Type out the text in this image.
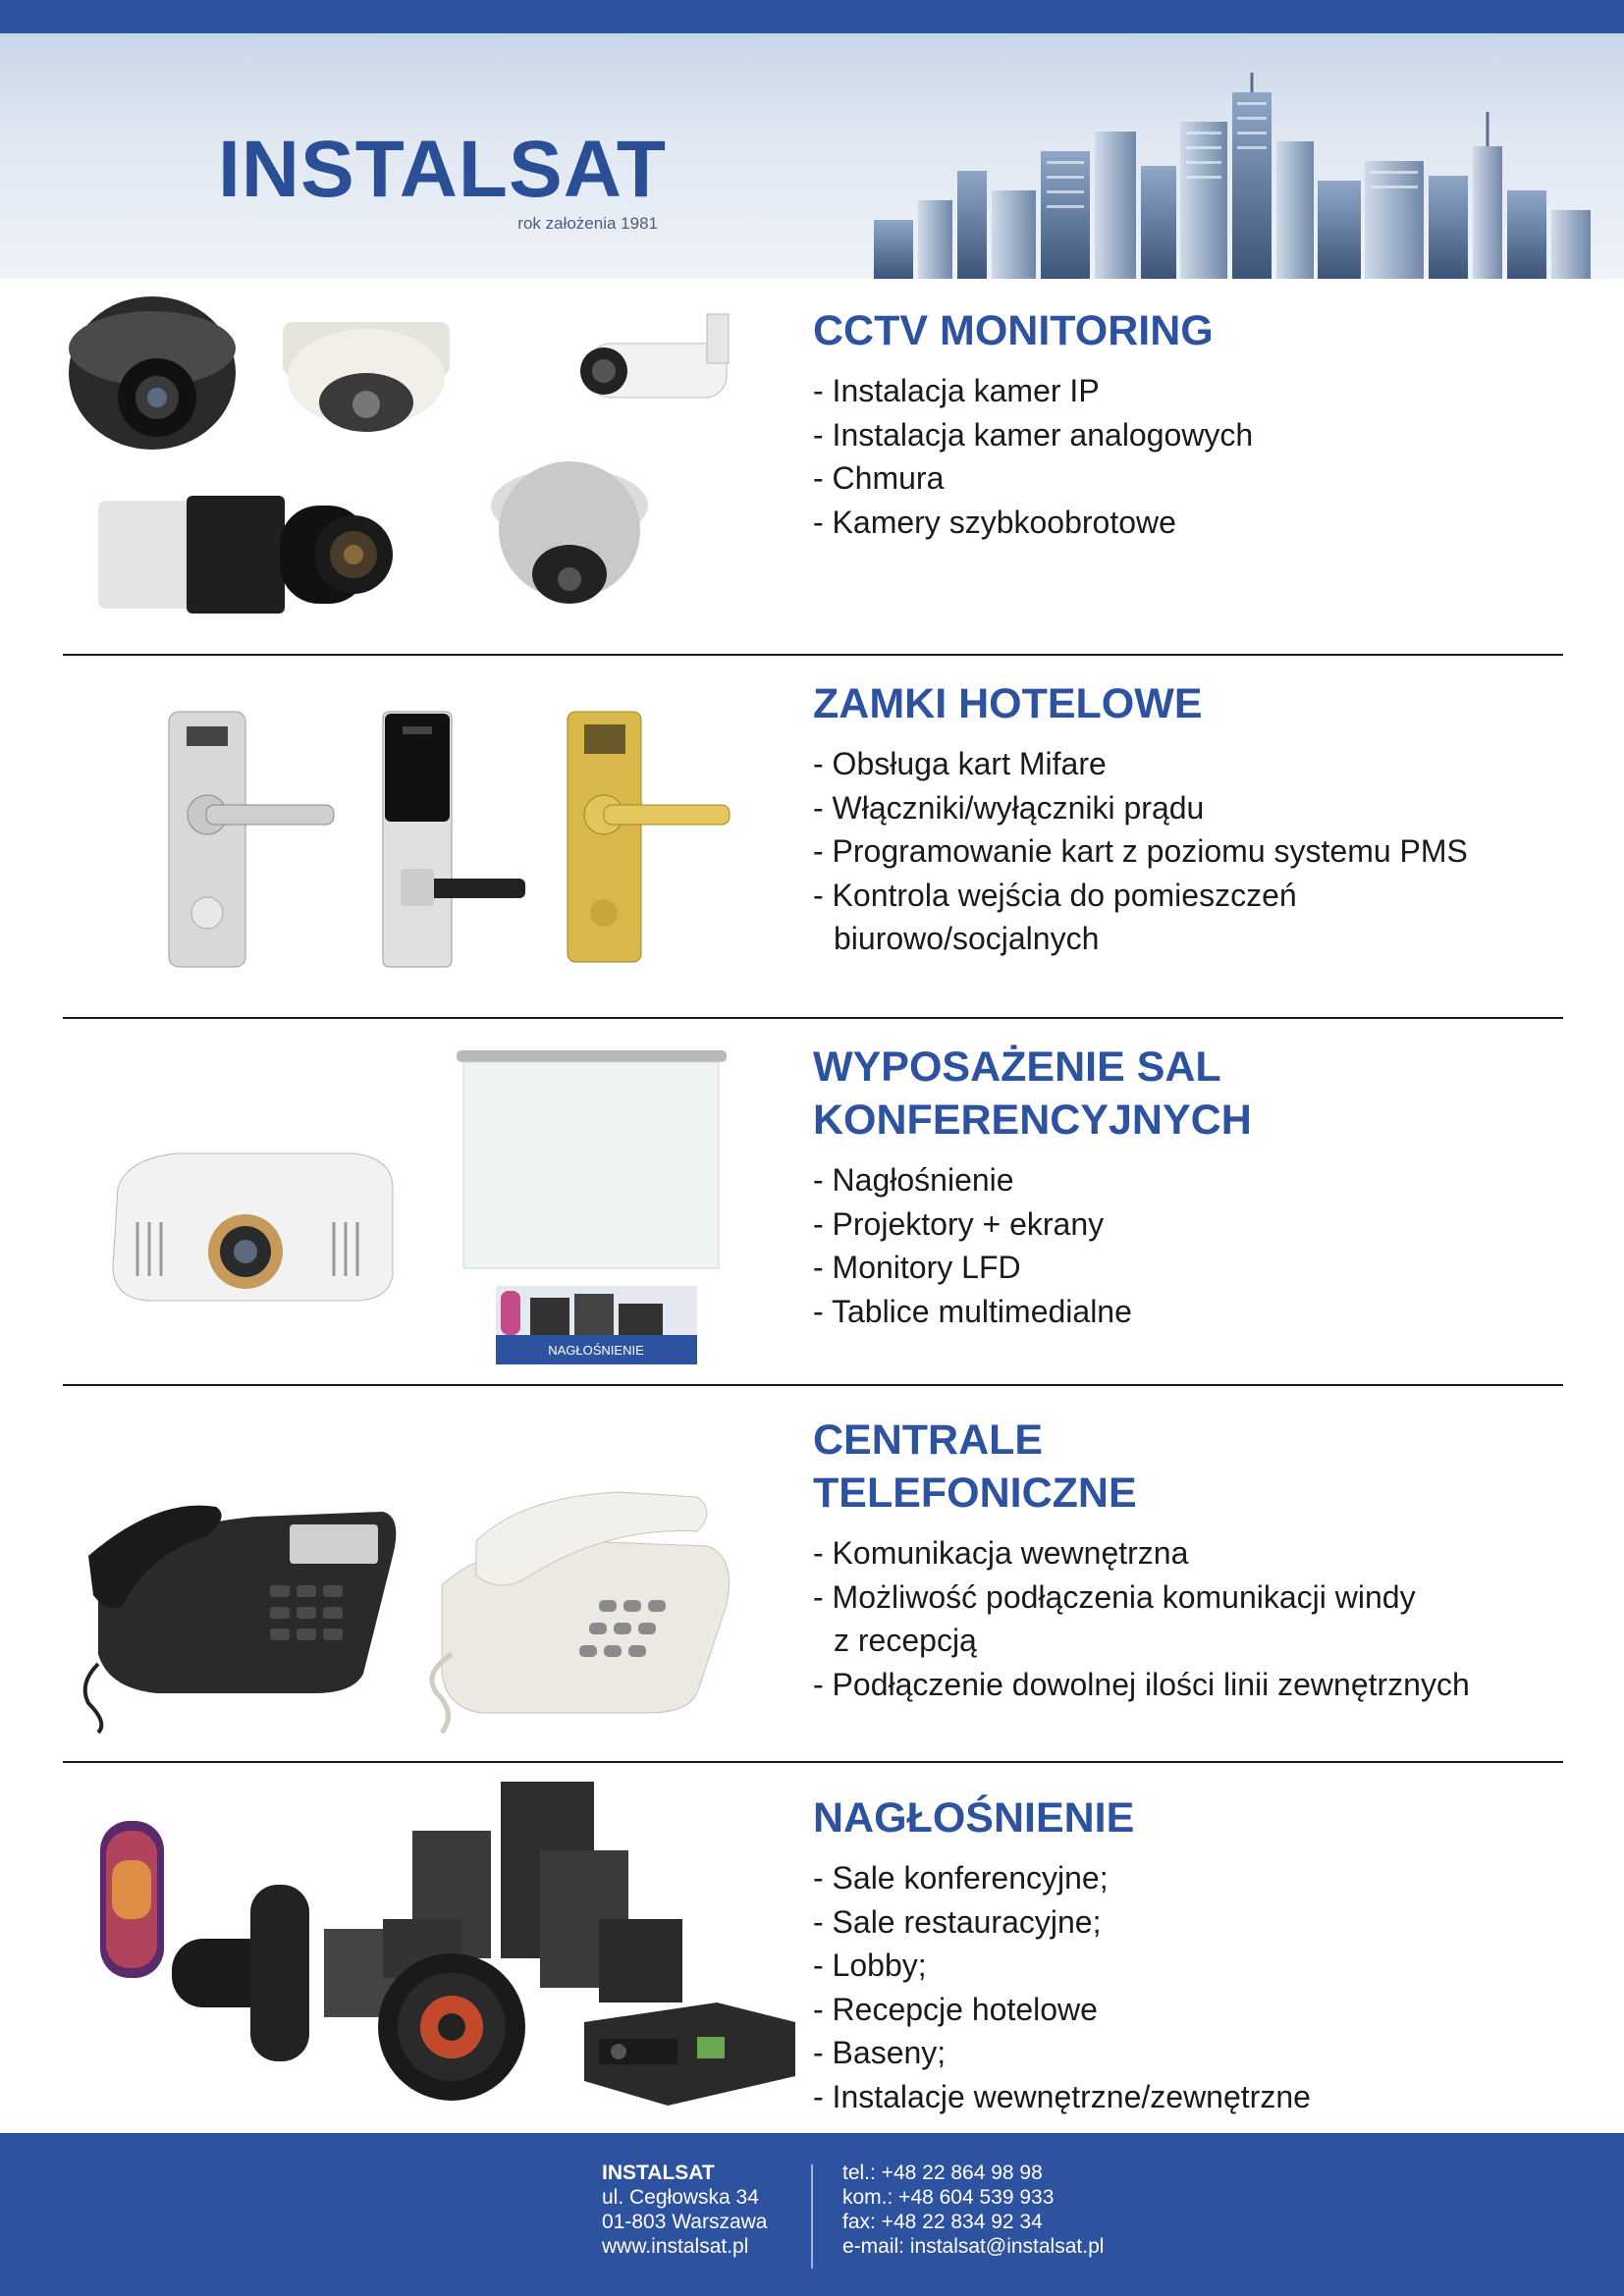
INSTALSAT
rok założenia 1981
CCTV MONITORING
- Instalacja kamer IP
- Instalacja kamer analogowych
- Chmura
- Kamery szybkoobrotowe
ZAMKI HOTELOWE
- Obsługa kart Mifare
- Włączniki/wyłączniki prądu
- Programowanie kart z poziomu systemu PMS
- Kontrola wejścia do pomieszczeń
biurowo/socjalnych
NAGŁOŚNIENIE
WYPOSAŻENIE SAL
KONFERENCYJNYCH
- Nagłośnienie
- Projektory + ekrany
- Monitory LFD
- Tablice multimedialne
CENTRALE
TELEFONICZNE
- Komunikacja wewnętrzna
- Możliwość podłączenia komunikacji windy
z recepcją
- Podłączenie dowolnej ilości linii zewnętrznych
NAGŁOŚNIENIE
- Sale konferencyjne;
- Sale restauracyjne;
- Lobby;
- Recepcje hotelowe
- Baseny;
- Instalacje wewnętrzne/zewnętrzne
INSTALSAT
ul. Cegłowska 34
01-803 Warszawa
www.instalsat.pl
tel.: +48 22 864 98 98
kom.: +48 604 539 933
fax: +48 22 834 92 34
e-mail: instalsat@instalsat.pl
